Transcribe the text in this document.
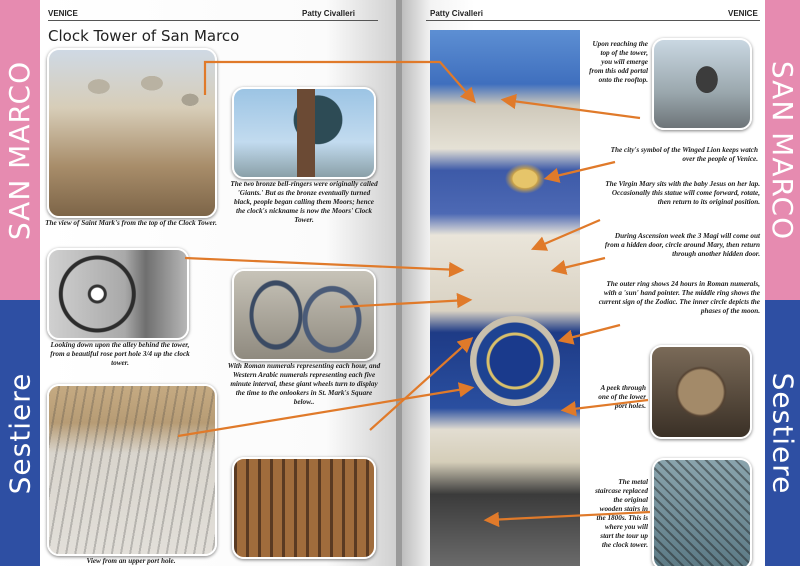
SAN MARCO
Sestiere
SAN MARCO
Sestiere
VENICE	Patty Civalleri
Clock Tower of San Marco
The view of Saint Mark's from the top of the Clock Tower.
The two bronze bell-ringers were originally called 'Giants.' But as the bronze eventually turned black, people began calling them Moors; hence the clock's nickname is now the Moors' Clock Tower.
Looking down upon the alley behind the tower, from a beautiful rose port hole 3/4 up the clock tower.	With Roman numerals representing each hour, and Western Arabic numerals representing each five minute interval, these giant wheels turn to display the time to the onlookers in St. Mark's Square below..
View from an upper port hole.
Patty Civalleri	VENICE
Upon reaching the top of the tower, you will emerge from this odd portal onto the rooftop.
The city's symbol of the Winged Lion keeps watch over the people of Venice.
The Virgin Mary sits with the baby Jesus on her lap. Occasionally this statue will come forward, rotate, then return to its original position.
During Ascension week the 3 Magi will come out from a hidden door, circle around Mary, then return through another hidden door.
The outer ring shows 24 hours in Roman numerals, with a 'sun' hand pointer. The middle ring shows the current sign of the Zodiac. The inner circle depicts the phases of the moon.
A peek through one of the lower port holes.
The metal staircase replaced the original wooden stairs in the 1800s. This is where you will start the tour up the clock tower.
